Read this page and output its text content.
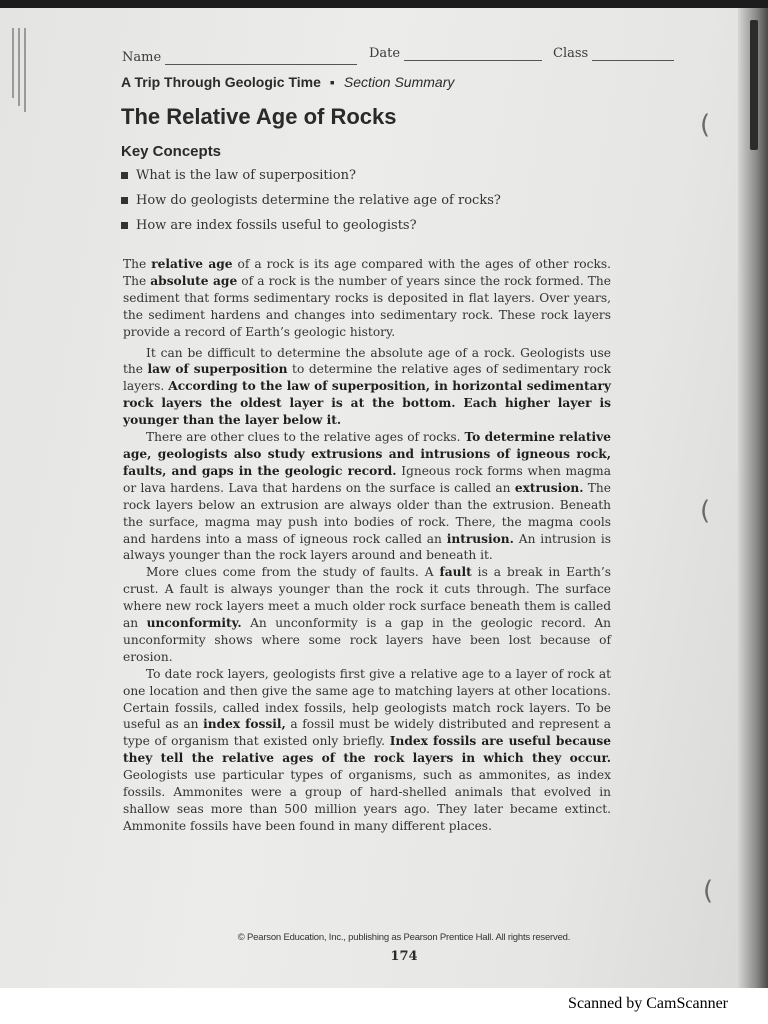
(
(
(
Name	Date	Class
A Trip Through Geologic Time ▪ Section Summary
The Relative Age of Rocks
Key Concepts
What is the law of superposition?
How do geologists determine the relative age of rocks?
How are index fossils useful to geologists?

The relative age of a rock is its age compared with the ages of other rocks. The absolute age of a rock is the number of years since the rock formed. The sediment that forms sedimentary rocks is deposited in flat layers. Over years, the sediment hardens and changes into sedimentary rock. These rock layers provide a record of Earth’s geologic history.

It can be difficult to determine the absolute age of a rock. Geologists use the law of superposition to determine the relative ages of sedimentary rock layers. According to the law of superposition, in horizontal sedimentary rock layers the oldest layer is at the bottom. Each higher layer is younger than the layer below it.

There are other clues to the relative ages of rocks. To determine relative age, geologists also study extrusions and intrusions of igneous rock, faults, and gaps in the geologic record. Igneous rock forms when magma or lava hardens. Lava that hardens on the surface is called an extrusion. The rock layers below an extrusion are always older than the extrusion. Beneath the surface, magma may push into bodies of rock. There, the magma cools and hardens into a mass of igneous rock called an intrusion. An intrusion is always younger than the rock layers around and beneath it.

More clues come from the study of faults. A fault is a break in Earth’s crust. A fault is always younger than the rock it cuts through. The surface where new rock layers meet a much older rock surface beneath them is called an unconformity. An unconformity is a gap in the geologic record. An unconformity shows where some rock layers have been lost because of erosion.

To date rock layers, geologists first give a relative age to a layer of rock at one location and then give the same age to matching layers at other locations. Certain fossils, called index fossils, help geologists match rock layers. To be useful as an index fossil, a fossil must be widely distributed and represent a type of organism that existed only briefly. Index fossils are useful because they tell the relative ages of the rock layers in which they occur. Geologists use particular types of organisms, such as ammonites, as index fossils. Ammonites were a group of hard-shelled animals that evolved in shallow seas more than 500 million years ago. They later became extinct. Ammonite fossils have been found in many different places.

© Pearson Education, Inc., publishing as Pearson Prentice Hall. All rights reserved.
174
Scanned by CamScanner
